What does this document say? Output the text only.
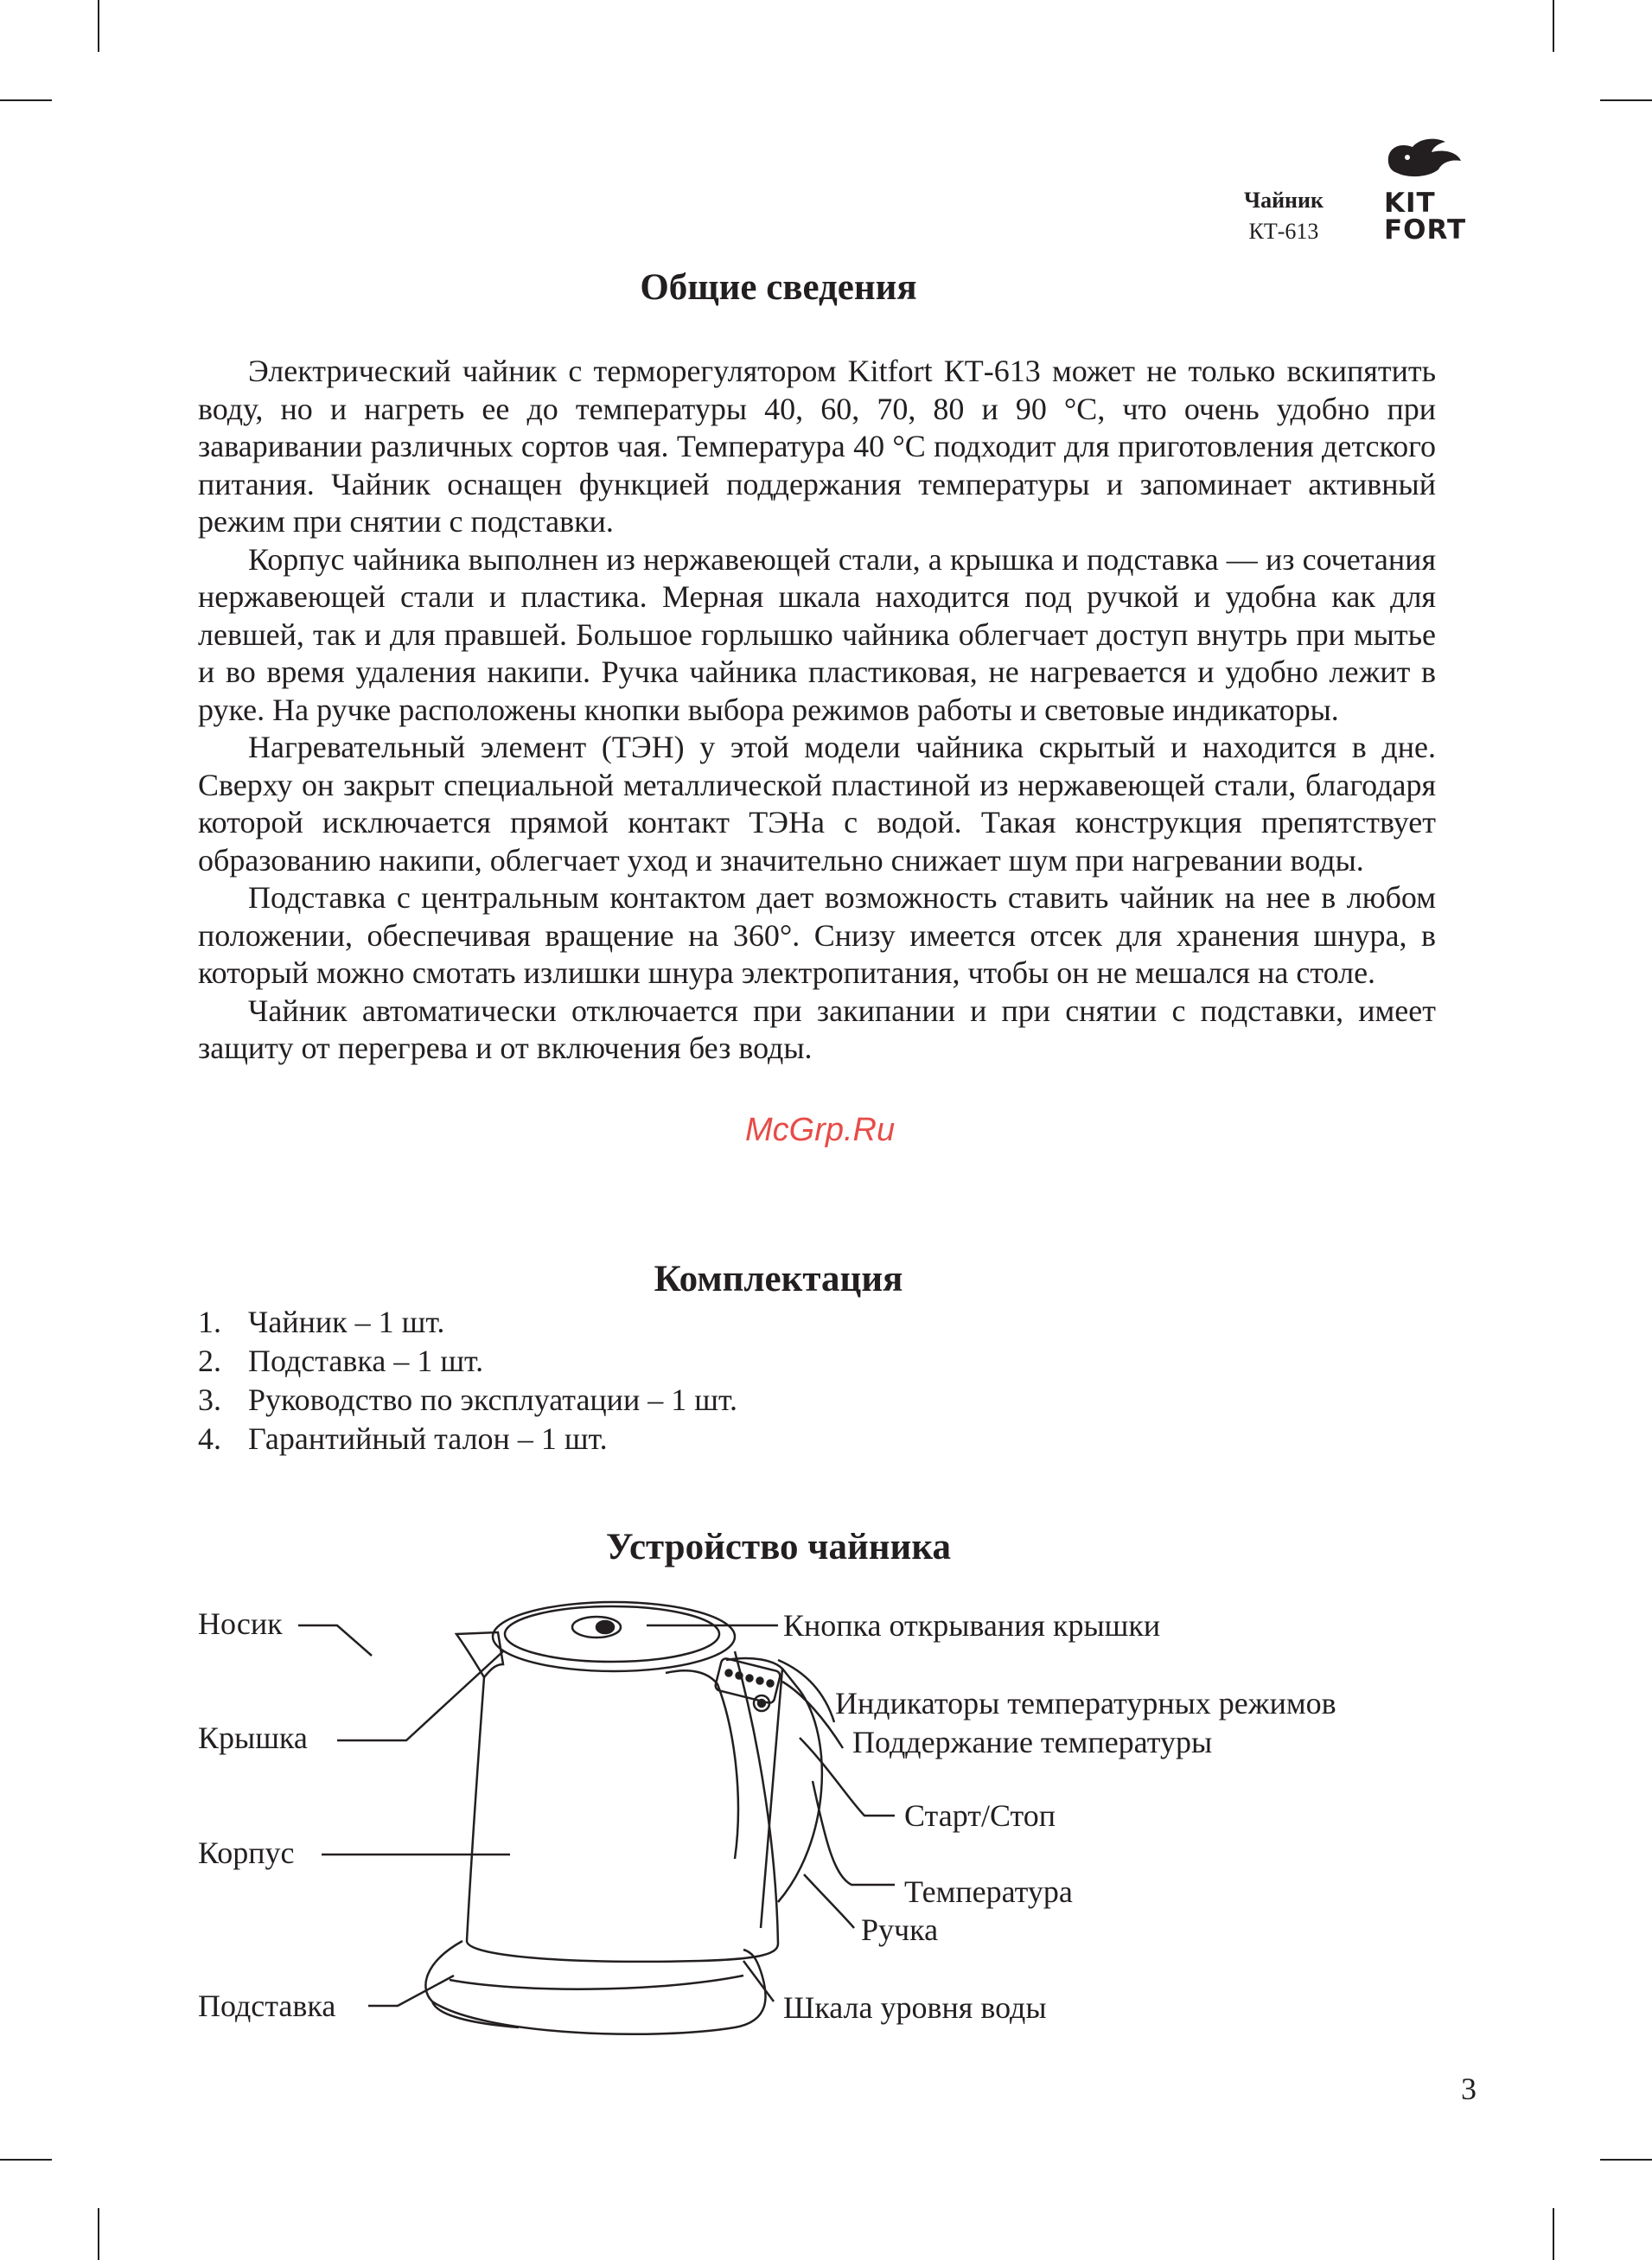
Чайник
КТ-613
KIT
FORT
Общие сведения

Электрический чайник с терморегулятором Kitfort КТ-613 может не только вскипятить воду, но и нагреть ее до температуры 40, 60, 70, 80 и 90 °С, что очень удобно при заваривании различных сортов чая. Температура 40 °С подходит для приготовления детского питания. Чайник оснащен функцией поддержания температуры и запоминает активный режим при снятии с подставки.

Корпус чайника выполнен из нержавеющей стали, а крышка и подставка — из сочетания нержавеющей стали и пластика. Мерная шкала находится под ручкой и удобна как для левшей, так и для правшей. Большое горлышко чайника облегчает доступ внутрь при мытье и во время удаления накипи. Ручка чайника пластиковая, не нагревается и удобно лежит в руке. На ручке расположены кнопки выбора режимов работы и световые индикаторы.

Нагревательный элемент (ТЭН) у этой модели чайника скрытый и находится в дне. Сверху он закрыт специальной металлической пластиной из нержавеющей стали, благодаря которой исключается прямой контакт ТЭНа с водой. Такая конструкция препятствует образованию накипи, облегчает уход и значительно снижает шум при нагревании воды.

Подставка с центральным контактом дает возможность ставить чайник на нее в любом положении, обеспечивая вращение на 360°. Снизу имеется отсек для хранения шнура, в который можно смотать излишки шнура электропитания, чтобы он не мешался на столе.

Чайник автоматически отключается при закипании и при снятии с подставки, имеет защиту от перегрева и от включения без воды.

McGrp.Ru
Комплектация
1. Чайник – 1 шт.
2. Подставка – 1 шт.
3. Руководство по эксплуатации – 1 шт.
4. Гарантийный талон – 1 шт.
Устройство чайника
Носик
Крышка
Корпус
Подставка
Кнопка открывания крышки
Индикаторы температурных режимов
Поддержание температуры
Старт/Стоп
Температура
Ручка
Шкала уровня воды
3
